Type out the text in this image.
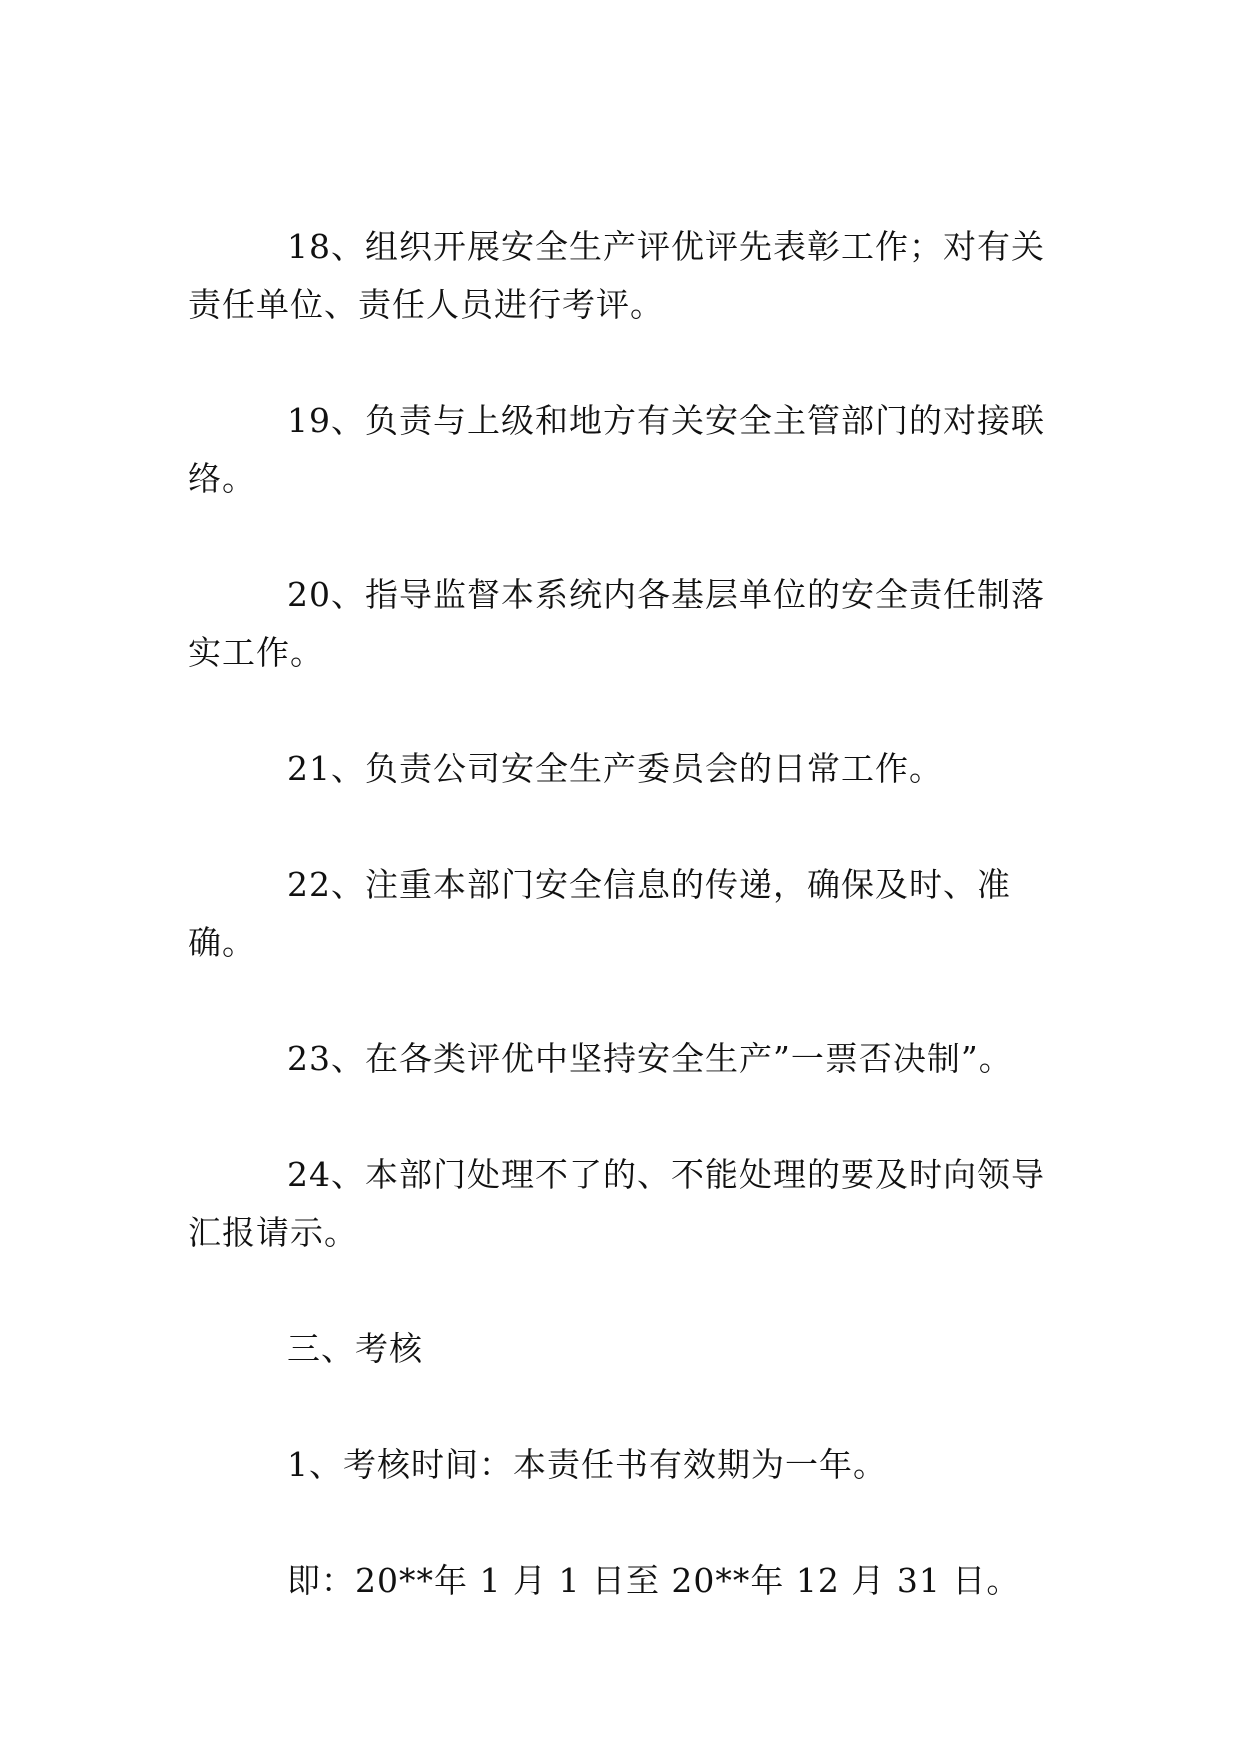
18、组织开展安全生产评优评先表彰工作；对有关责任单位、责任人员进行考评。

19、负责与上级和地方有关安全主管部门的对接联络。

20、指导监督本系统内各基层单位的安全责任制落实工作。

21、负责公司安全生产委员会的日常工作。

22、注重本部门安全信息的传递，确保及时、准确。

23、在各类评优中坚持安全生产”一票否决制”。

24、本部门处理不了的、不能处理的要及时向领导汇报请示。

三、考核

1、考核时间：本责任书有效期为一年。

即：20**年 1 月 1 日至 20**年 12 月 31 日。
